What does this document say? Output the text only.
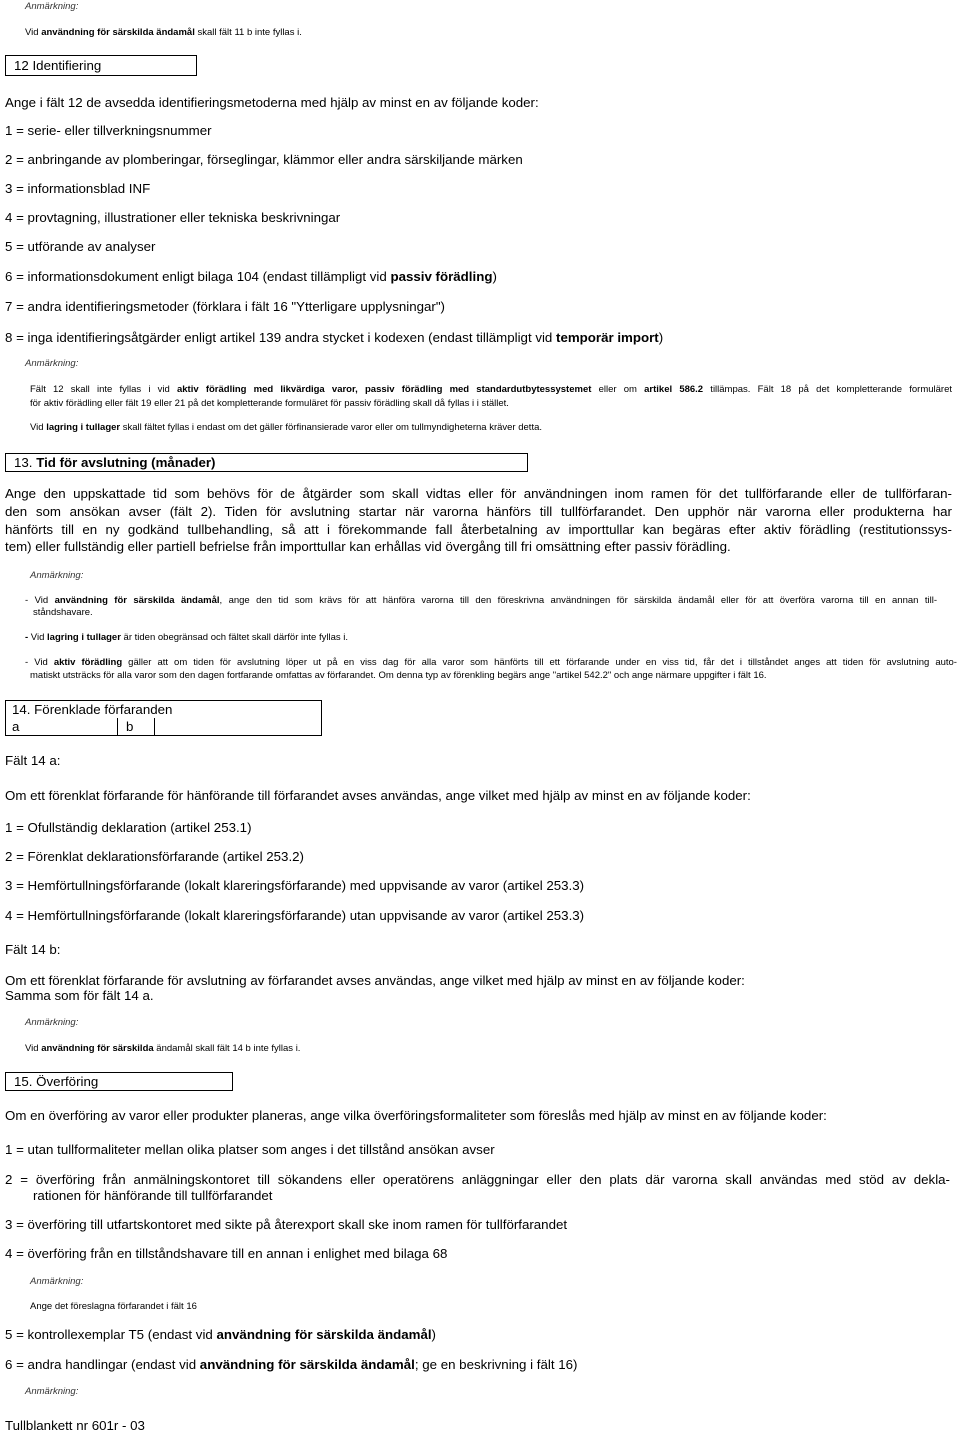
Anmärkning:
Vid användning för särskilda ändamål skall fält 11 b inte fyllas i.
12 Identifiering
Ange i fält 12 de avsedda identifieringsmetoderna med hjälp av minst en av följande koder:
1 = serie- eller tillverkningsnummer
2 = anbringande av plomberingar, förseglingar, klämmor eller andra särskiljande märken
3 = informationsblad INF
4 = provtagning, illustrationer eller tekniska beskrivningar
5 = utförande av analyser
6 = informationsdokument enligt bilaga 104 (endast tillämpligt vid passiv förädling)
7 = andra identifieringsmetoder (förklara i fält 16 "Ytterligare upplysningar")
8 = inga identifieringsåtgärder enligt artikel 139 andra stycket i kodexen (endast tillämpligt vid temporär import)
Anmärkning:
Fält 12 skall inte fyllas i vid aktiv förädling med likvärdiga varor, passiv förädling med standardutbytessystemet eller om artikel 586.2 tillämpas. Fält 18 på det kompletterande formuläret
för aktiv förädling eller fält 19 eller 21 på det kompletterande formuläret för passiv förädling skall då fyllas i i stället.
Vid lagring i tullager skall fältet fyllas i endast om det gäller förfinansierade varor eller om tullmyndigheterna kräver detta.
13. Tid för avslutning (månader)
Ange den uppskattade tid som behövs för de åtgärder som skall vidtas eller för användningen inom ramen för det tullförfarande eller de tullförfaran-
den som ansökan avser (fält 2). Tiden för avslutning startar när varorna hänförs till tullförfarandet. Den upphör när varorna eller produkterna har
hänförts till en ny godkänd tullbehandling, så att i förekommande fall återbetalning av importtullar kan begäras efter aktiv förädling (restitutionssys-
tem) eller fullständig eller partiell befrielse från importtullar kan erhållas vid övergång till fri omsättning efter passiv förädling.
Anmärkning:
- Vid användning för särskilda ändamål, ange den tid som krävs för att hänföra varorna till den föreskrivna användningen för särskilda ändamål eller för att överföra varorna till en annan till-
ståndshavare.
- Vid lagring i tullager är tiden obegränsad och fältet skall därför inte fyllas i.
- Vid aktiv förädling gäller att om tiden för avslutning löper ut på en viss dag för alla varor som hänförts till ett förfarande under en viss tid, får det i tillståndet anges att tiden för avslutning auto-
matiskt utsträcks för alla varor som den dagen fortfarande omfattas av förfarandet. Om denna typ av förenkling begärs ange "artikel 542.2" och ange närmare uppgifter i fält 16.
14. Förenklade förfaranden
a	b
Fält 14 a:
Om ett förenklat förfarande för hänförande till förfarandet avses användas, ange vilket med hjälp av minst en av följande koder:
1 = Ofullständig deklaration (artikel 253.1)
2 = Förenklat deklarationsförfarande (artikel 253.2)
3 = Hemförtullningsförfarande (lokalt klareringsförfarande) med uppvisande av varor (artikel 253.3)
4 = Hemförtullningsförfarande (lokalt klareringsförfarande) utan uppvisande av varor (artikel 253.3)
Fält 14 b:
Om ett förenklat förfarande för avslutning av förfarandet avses användas, ange vilket med hjälp av minst en av följande koder:
Samma som för fält 14 a.
Anmärkning:
Vid användning för särskilda ändamål skall fält 14 b inte fyllas i.
15. Överföring
Om en överföring av varor eller produkter planeras, ange vilka överföringsformaliteter som föreslås med hjälp av minst en av följande koder:
1 = utan tullformaliteter mellan olika platser som anges i det tillstånd ansökan avser
2 = överföring från anmälningskontoret till sökandens eller operatörens anläggningar eller den plats där varorna skall användas med stöd av dekla-
rationen för hänförande till tullförfarandet
3 = överföring till utfartskontoret med sikte på återexport skall ske inom ramen för tullförfarandet
4 = överföring från en tillståndshavare till en annan i enlighet med bilaga 68
Anmärkning:
Ange det föreslagna förfarandet i fält 16
5 = kontrollexemplar T5 (endast vid användning för särskilda ändamål)
6 = andra handlingar (endast vid användning för särskilda ändamål; ge en beskrivning i fält 16)
Anmärkning:
Tullblankett nr 601r - 03
